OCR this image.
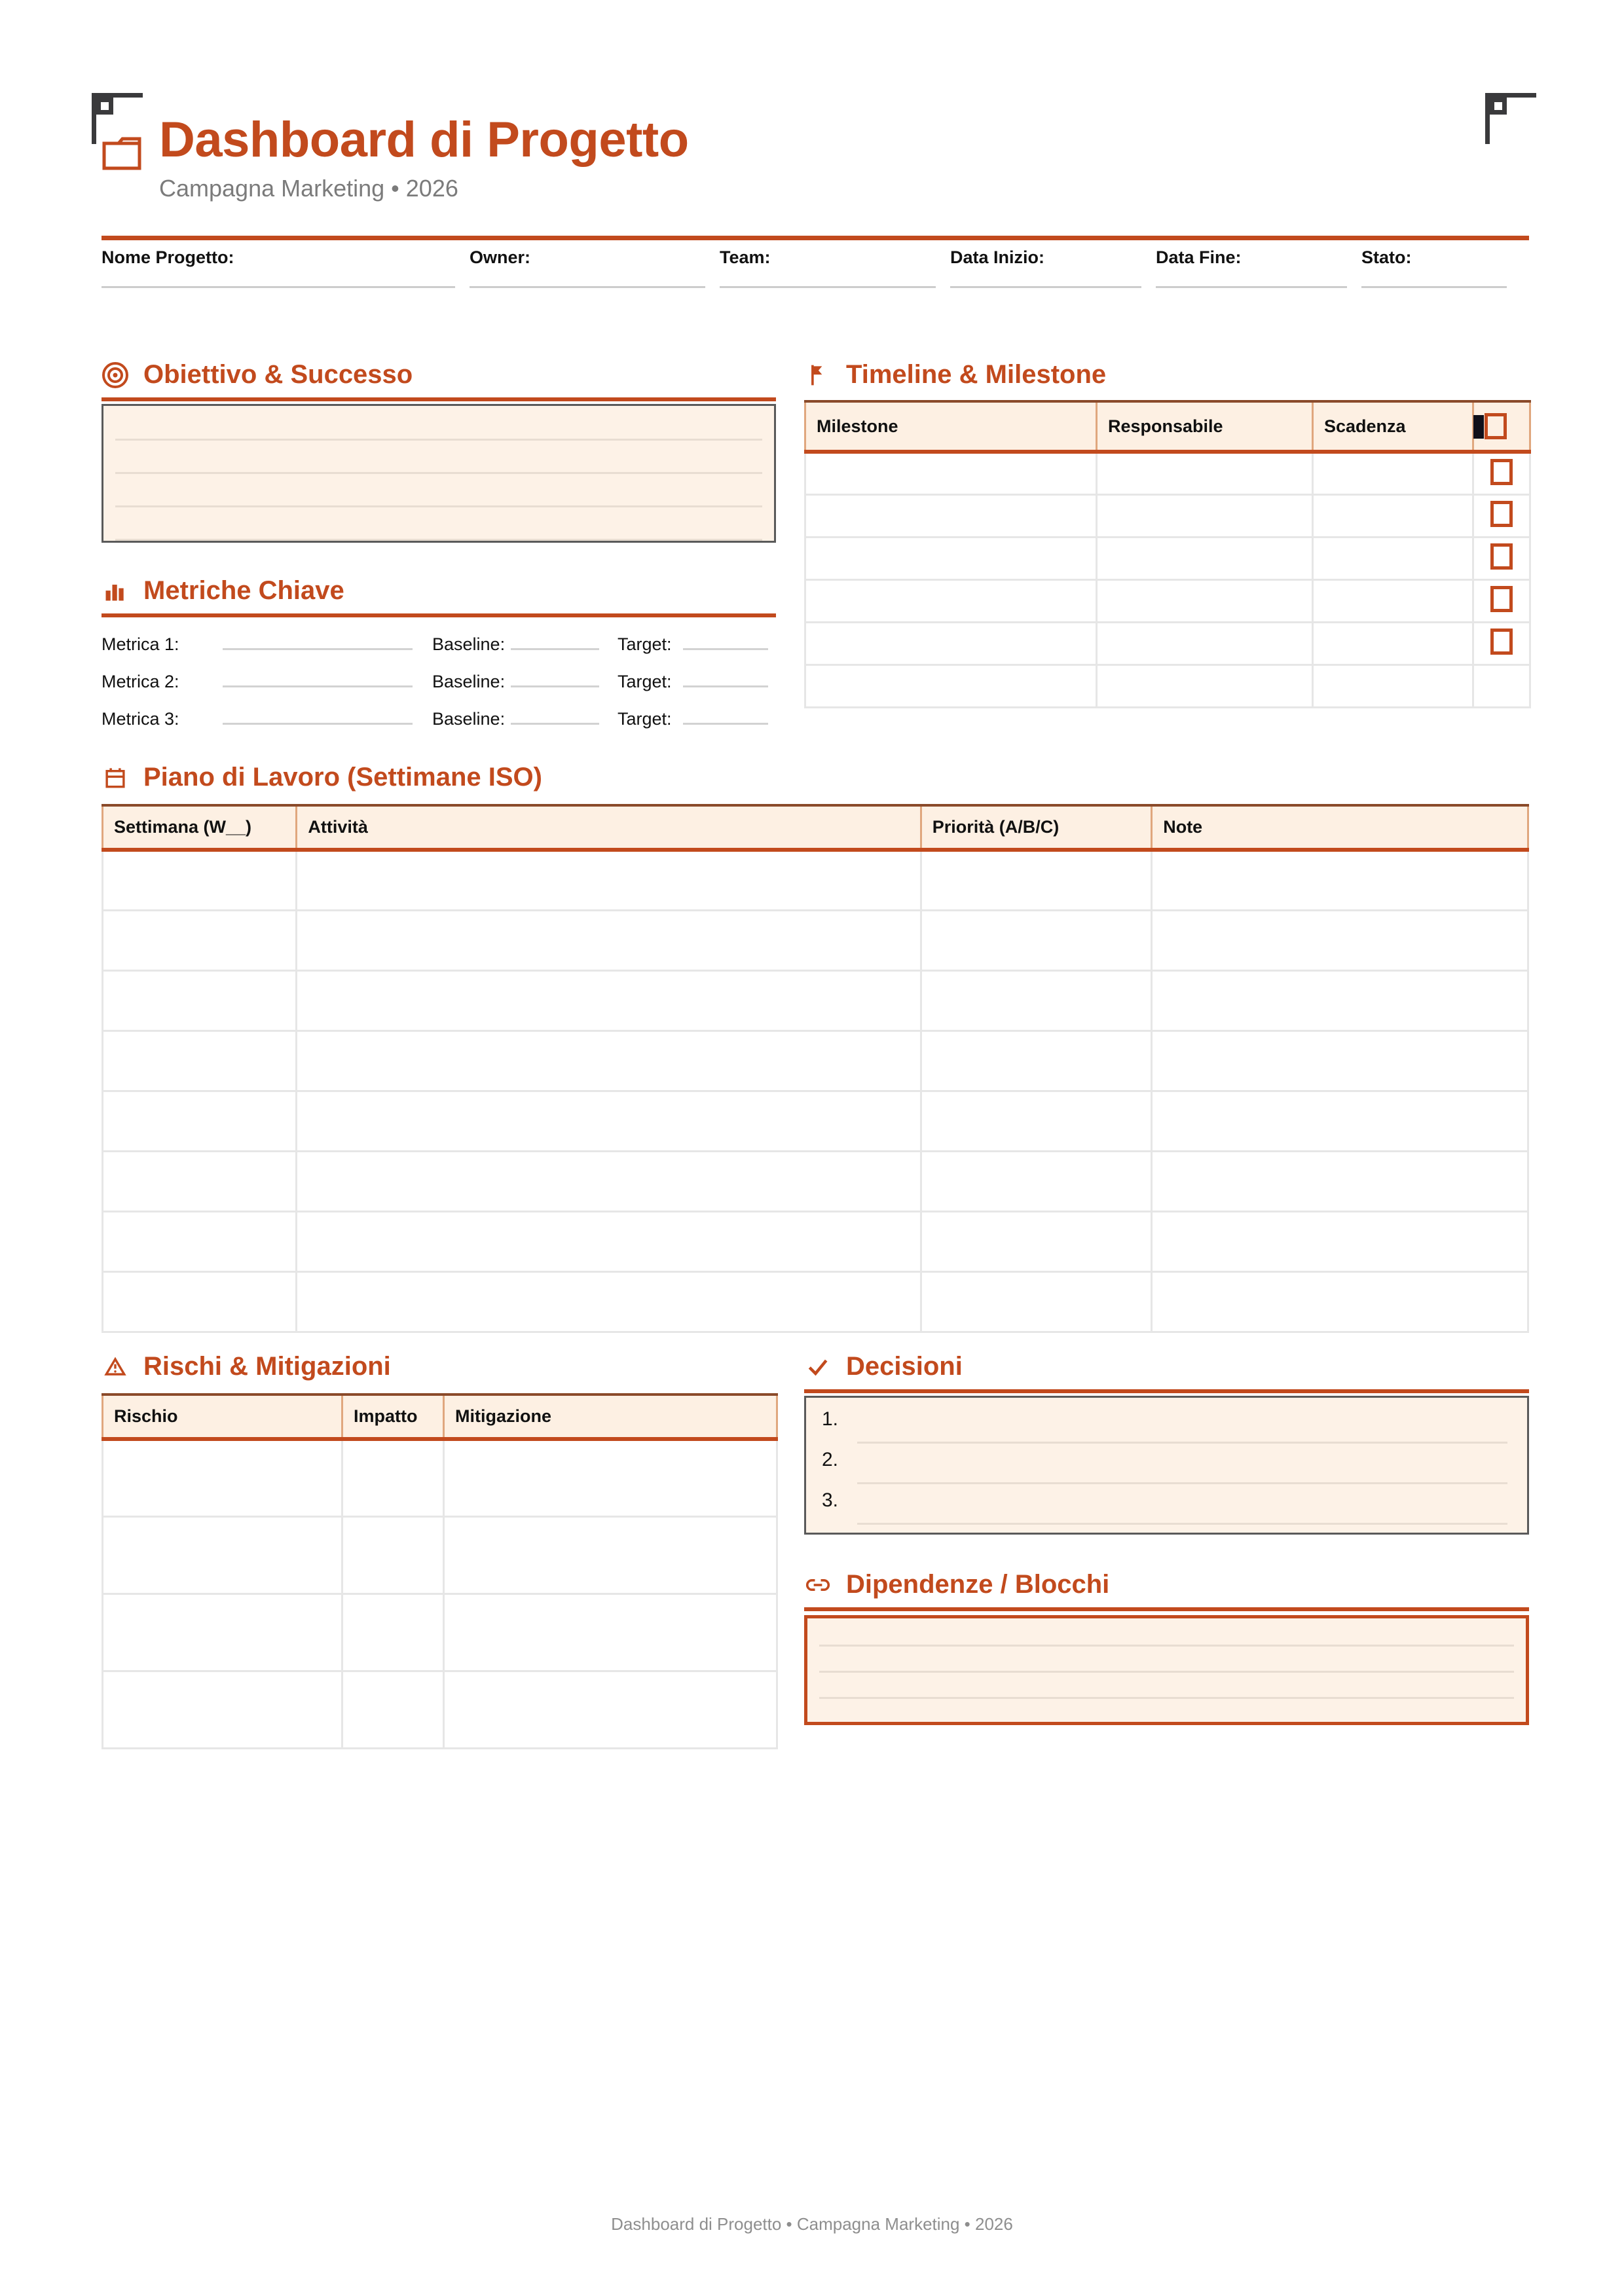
Dashboard di Progetto
Campagna Marketing • 2026
Nome Progetto:	Owner:	Team:	Data Inizio:	Data Fine:	Stato:
Obiettivo & Successo
Metriche Chiave
Metrica 1:	Baseline:	Target:
Metrica 2:	Baseline:	Target:
Metrica 3:	Baseline:	Target:
Timeline & Milestone
Milestone	Responsabile	Scadenza	

Piano di Lavoro (Settimane ISO)
Settimana (W__)	Attività	Priorità (A/B/C)	Note

Rischi & Mitigazioni
Rischio	Impatto	Mitigazione

Decisioni
1.
2.
3.
Dipendenze / Blocchi
Dashboard di Progetto • Campagna Marketing • 2026
